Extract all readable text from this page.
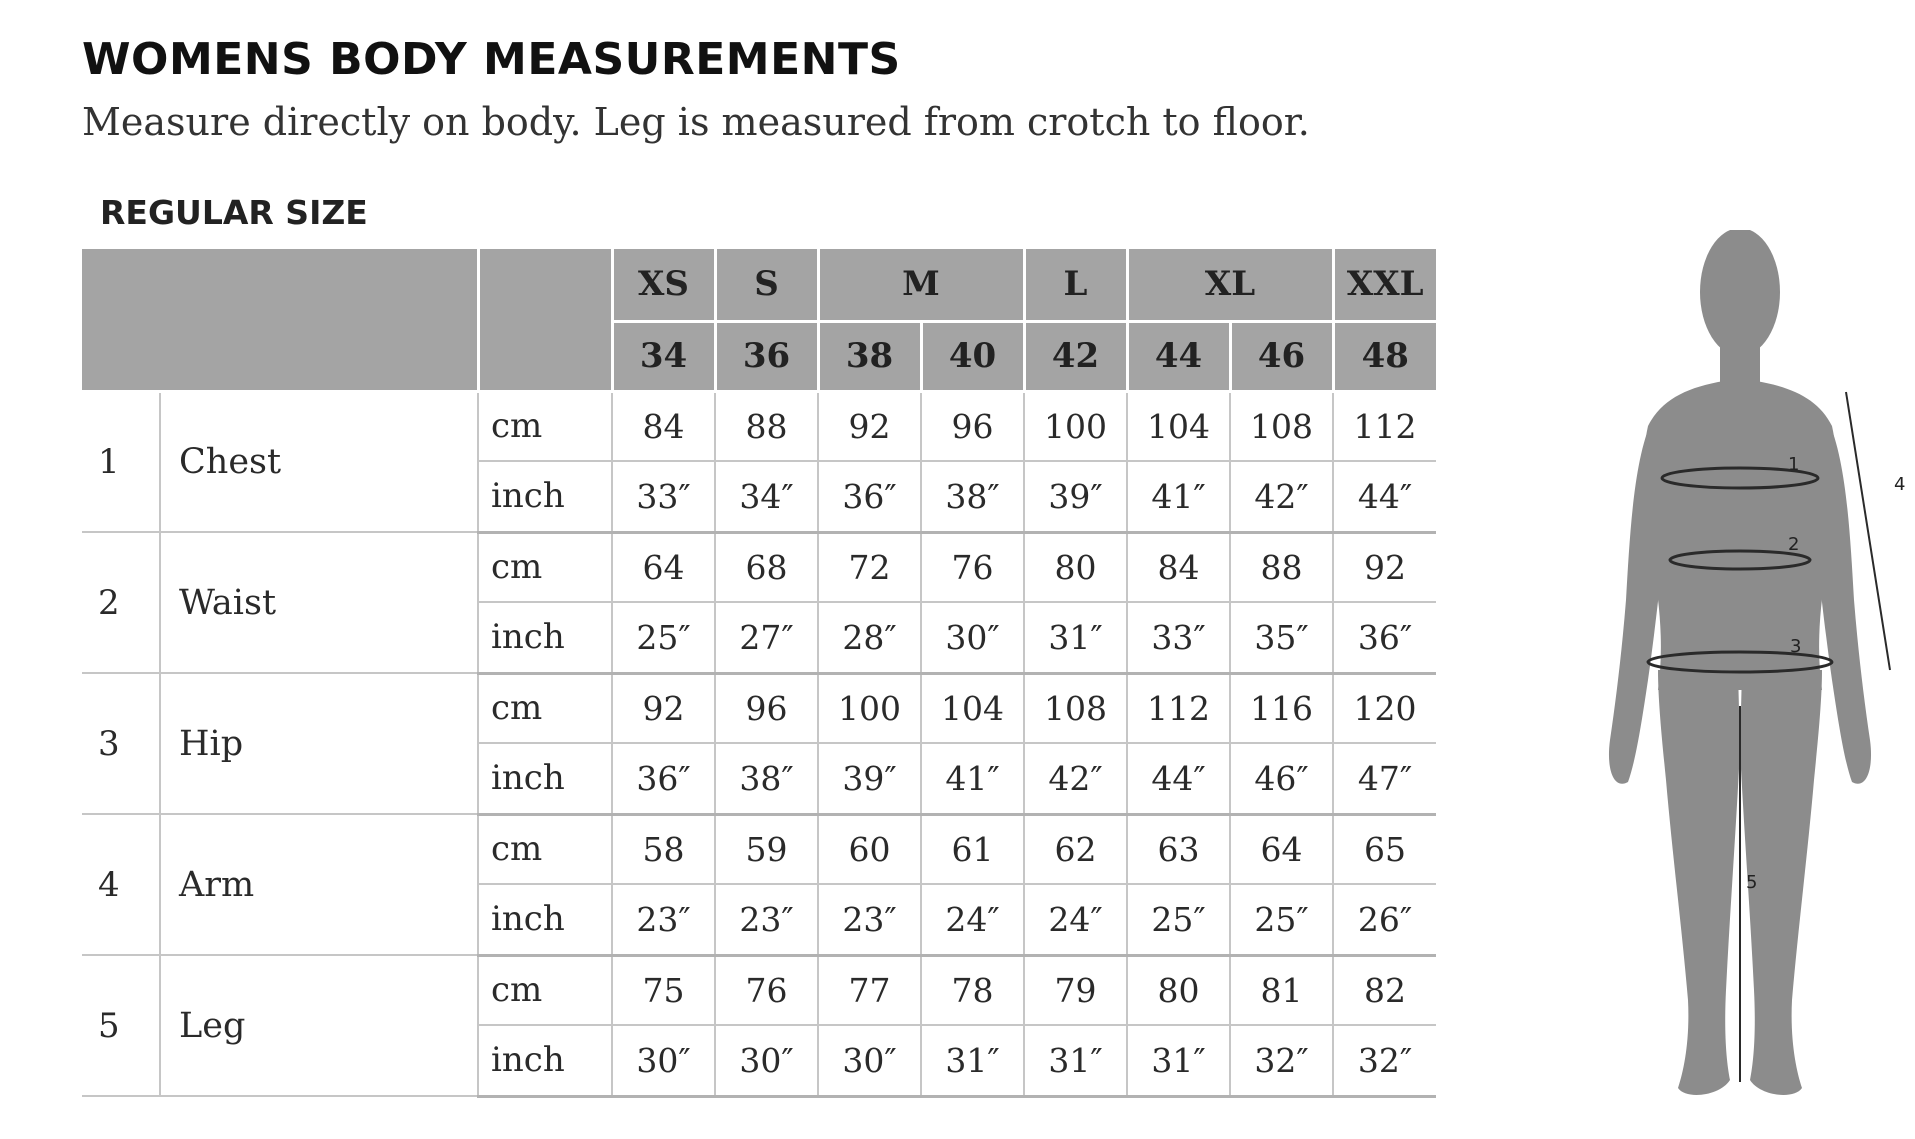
WOMENS BODY MEASUREMENTS

Measure directly on body. Leg is measured from crotch to floor.

REGULAR SIZE
			XS	S	M		L	XL		XXL
			34	36	38	40	42	44	46	48
1	Chest	cm	84	88	92	96	100	104	108	112
		inch	33″	34″	36″	38″	39″	41″	42″	44″
2	Waist	cm	64	68	72	76	80	84	88	92
		inch	25″	27″	28″	30″	31″	33″	35″	36″
3	Hip	cm	92	96	100	104	108	112	116	120
		inch	36″	38″	39″	41″	42″	44″	46″	47″
4	Arm	cm	58	59	60	61	62	63	64	65
		inch	23″	23″	23″	24″	24″	25″	25″	26″
5	Leg	cm	75	76	77	78	79	80	81	82
		inch	30″	30″	30″	31″	31″	31″	32″	32″
1
2
3
4
5
